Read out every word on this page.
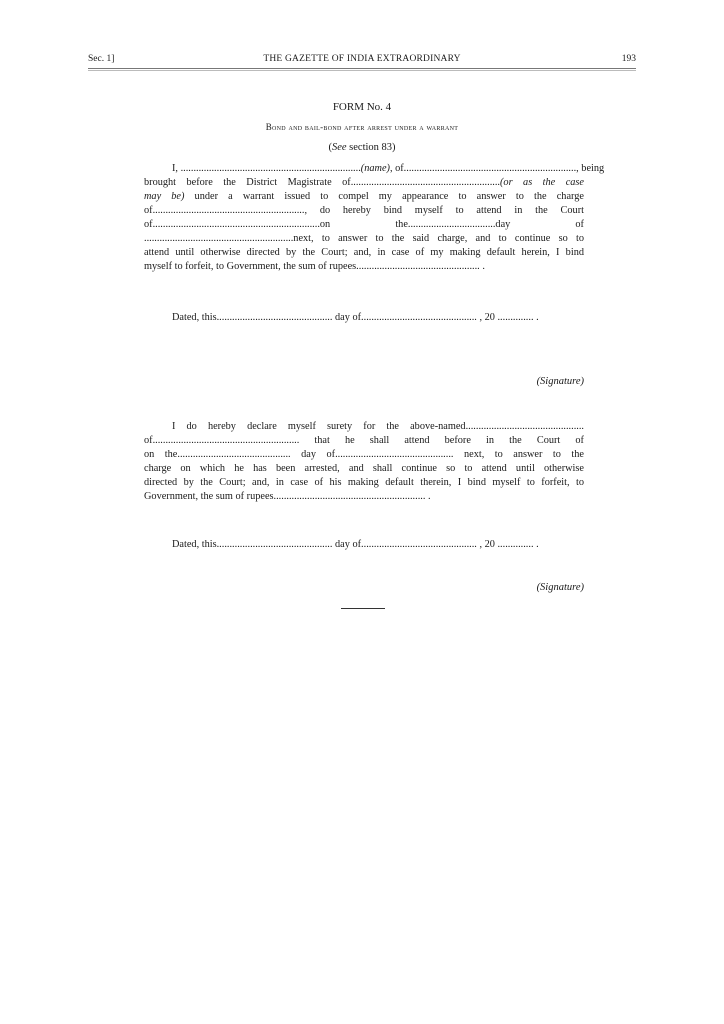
Sec. 1]	THE GAZETTE OF INDIA EXTRAORDINARY	193
FORM No. 4
Bond and bail-bond after arrest under a warrant
(See section 83)
I, ......................................................................(name), of..................................................................., being
brought before the District Magistrate of..........................................................(or as the case
may be) under a warrant issued to compel my appearance to answer to the charge
of..........................................................., do hereby bind myself to attend in the Court
of.................................................................on the..................................day of
..........................................................next, to answer to the said charge, and to continue so to
attend until otherwise directed by the Court; and, in case of my making default herein, I bind
myself to forfeit, to Government, the sum of rupees................................................ .
Dated, this............................................. day of............................................. , 20 .............. .
(Signature)
I do hereby declare myself surety for the above-named..............................................
of......................................................... that he shall attend before in the Court of
on the............................................ day of.............................................. next, to answer to the
charge on which he has been arrested, and shall continue so to attend until otherwise
directed by the Court; and, in case of his making default therein, I bind myself to forfeit, to
Government, the sum of rupees........................................................... .
Dated, this............................................. day of............................................. , 20 .............. .
(Signature)
